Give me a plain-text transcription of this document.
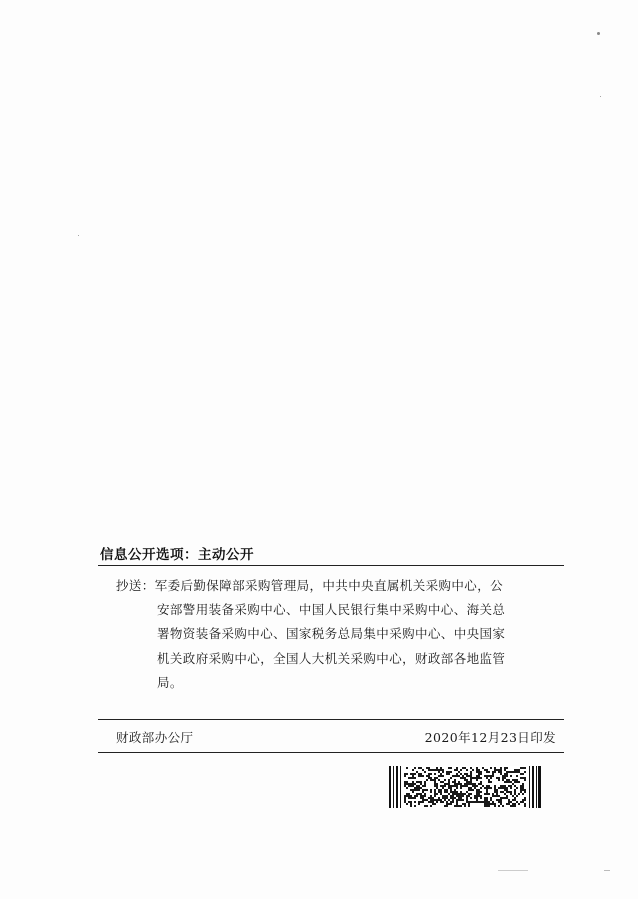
信息公开选项：主动公开
抄送：军委后勤保障部采购管理局，中共中央直属机关采购中心，公
安部警用装备采购中心、中国人民银行集中采购中心、海关总
署物资装备采购中心、国家税务总局集中采购中心、中央国家
机关政府采购中心，全国人大机关采购中心，财政部各地监管
局。
财政部办公厅	2020年12月23日印发
